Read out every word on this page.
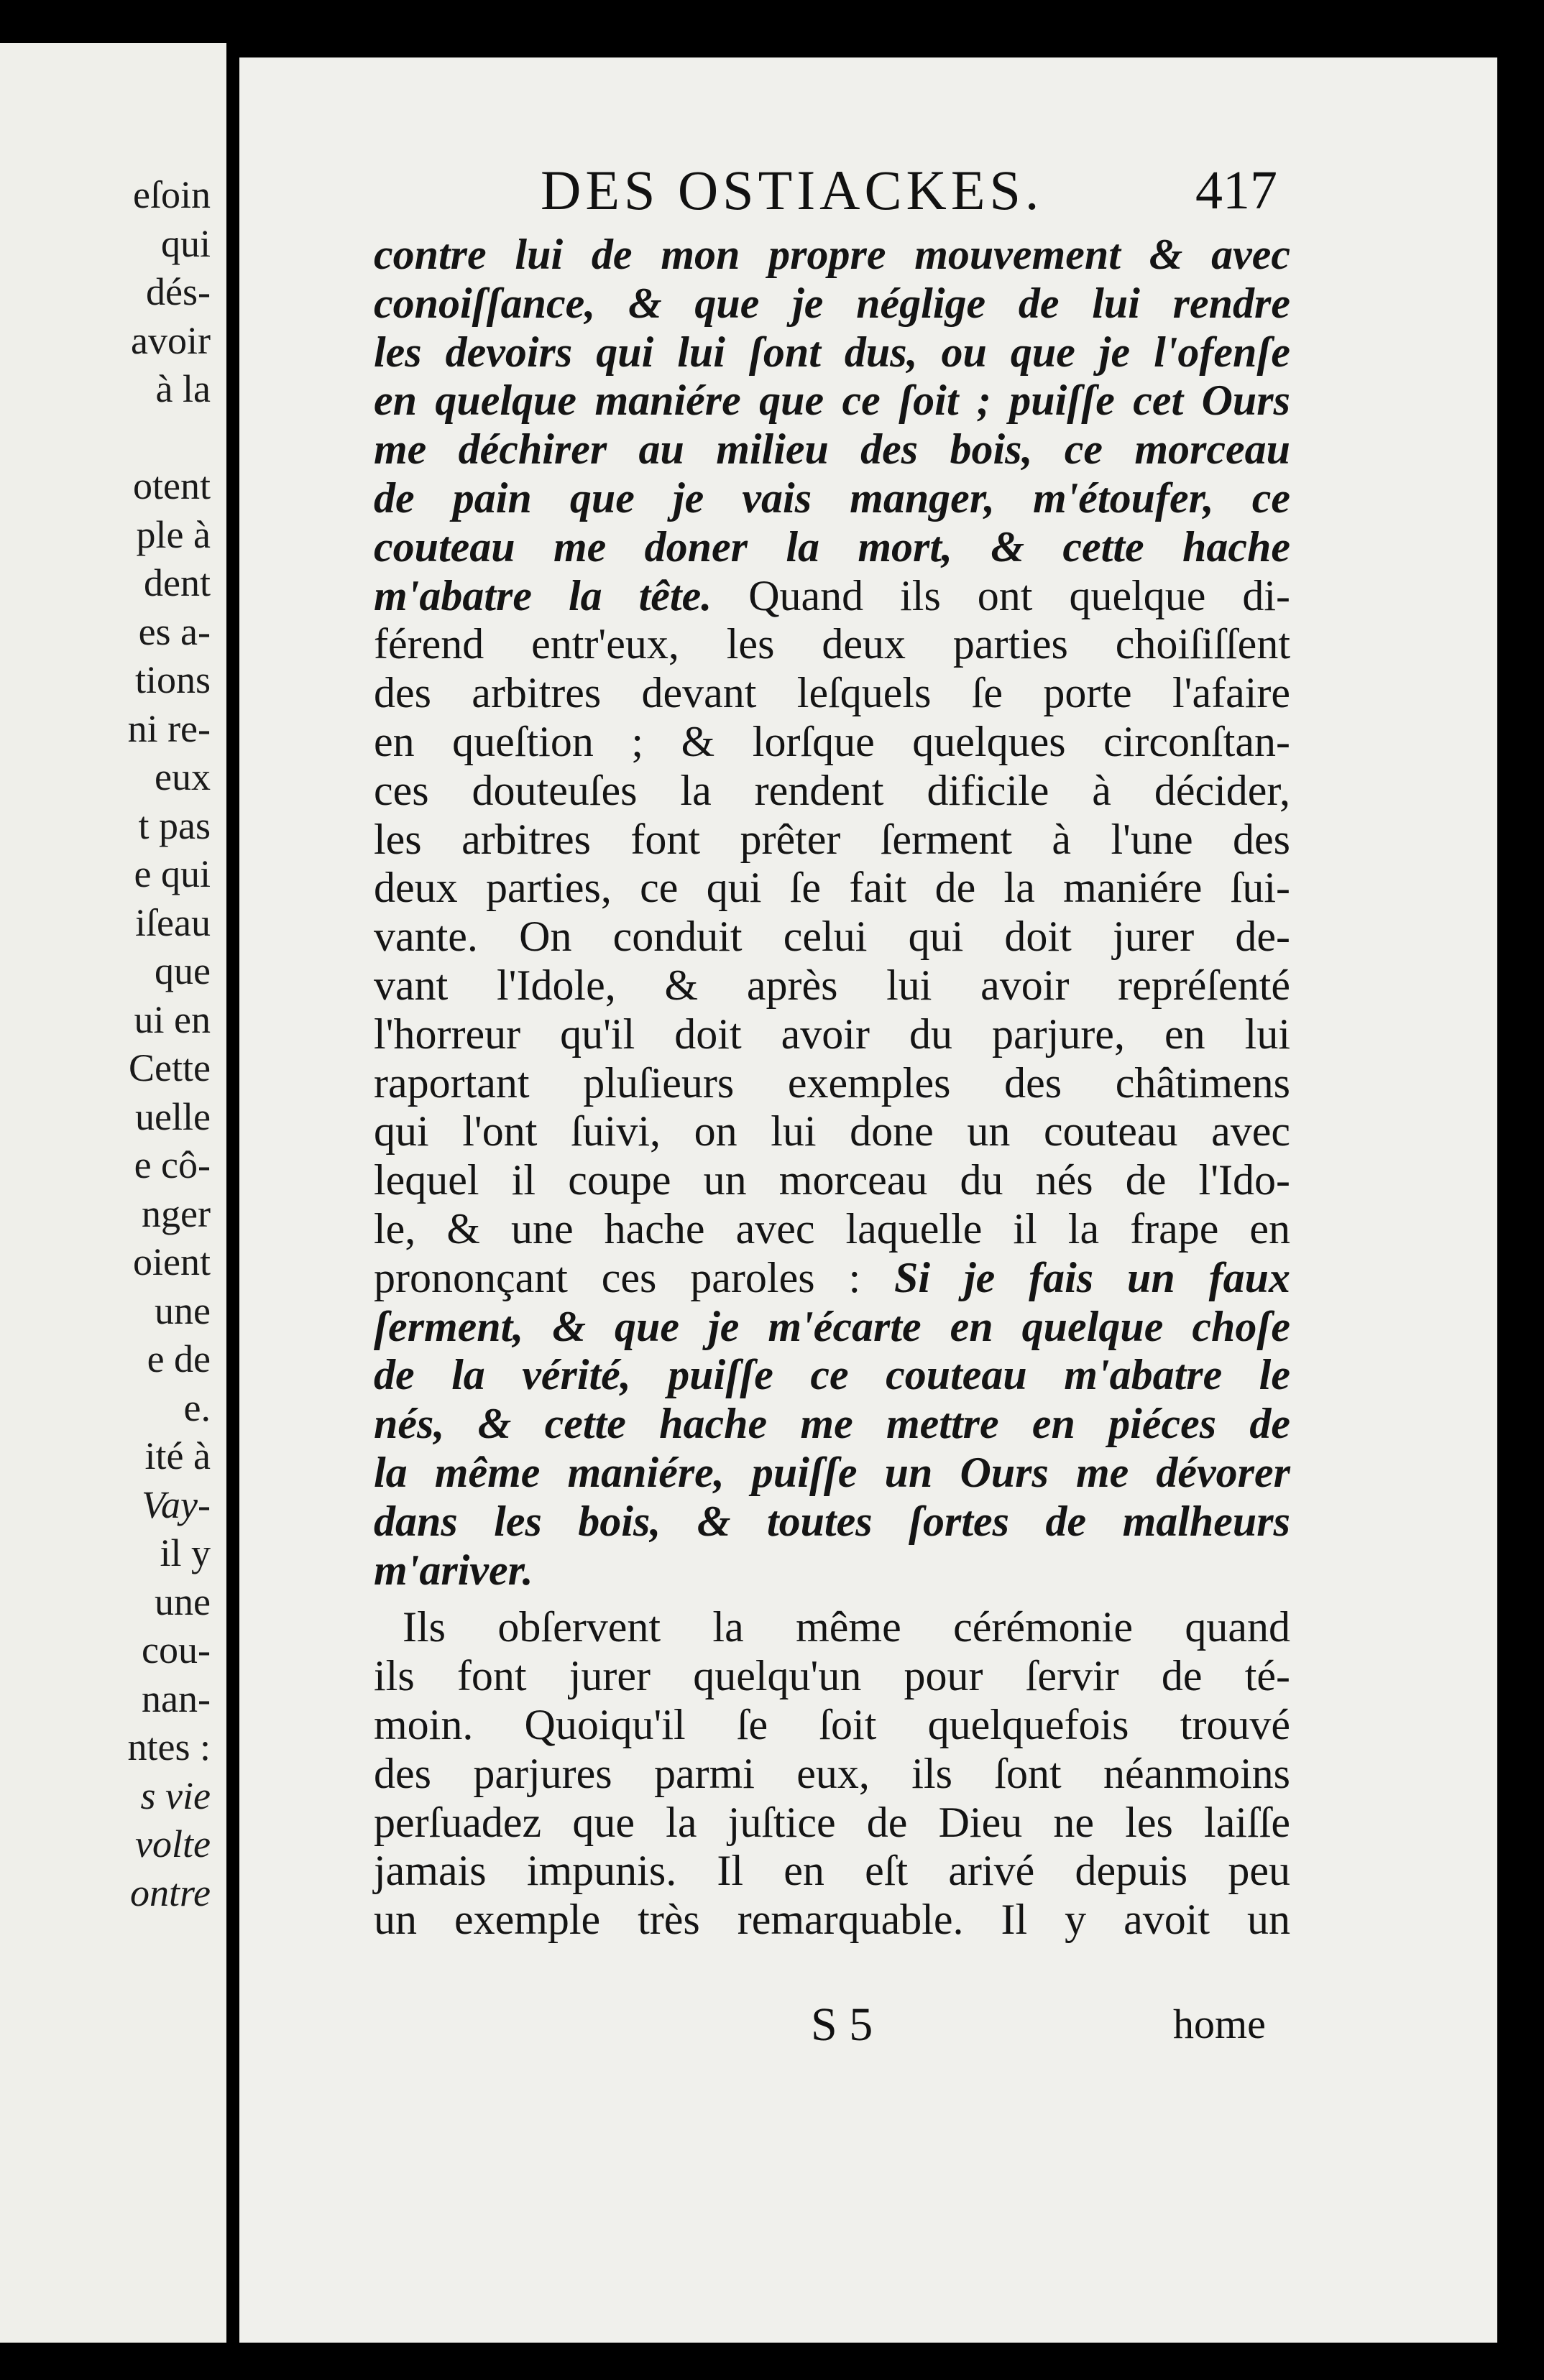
eſoin
qui
dés-
avoir
à la
otent
ple à
dent
es a-
tions
ni re-
eux
t pas
e qui
iſeau
que
ui en
Cette
uelle
e cô-
nger
oient
une
e de
e.
ité à
Vay-
il y
une
cou-
nan-
ntes :
s vie
volte
ontre
DES OSTIACKES.	417
contre lui de mon propre mouvement & avec
conoiſſance, & que je néglige de lui rendre
les devoirs qui lui ſont dus, ou que je l'ofenſe
en quelque maniére que ce ſoit ; puiſſe cet Ours
me déchirer au milieu des bois, ce morceau
de pain que je vais manger, m'étoufer, ce
couteau me doner la mort, & cette hache
m'abatre la tête. Quand ils ont quelque di-
férend entr'eux, les deux parties choiſiſſent
des arbitres devant leſquels ſe porte l'afaire
en queſtion ; & lorſque quelques circonſtan-
ces douteuſes la rendent dificile à décider,
les arbitres font prêter ſerment à l'une des
deux parties, ce qui ſe fait de la maniére ſui-
vante. On conduit celui qui doit jurer de-
vant l'Idole, & après lui avoir repréſenté
l'horreur qu'il doit avoir du parjure, en lui
raportant pluſieurs exemples des châtimens
qui l'ont ſuivi, on lui done un couteau avec
lequel il coupe un morceau du nés de l'Ido-
le, & une hache avec laquelle il la frape en
prononçant ces paroles : Si je fais un faux
ſerment, & que je m'écarte en quelque choſe
de la vérité, puiſſe ce couteau m'abatre le
nés, & cette hache me mettre en piéces de
la même maniére, puiſſe un Ours me dévorer
dans les bois, & toutes ſortes de malheurs
m'ariver.
Ils obſervent la même cérémonie quand
ils font jurer quelqu'un pour ſervir de té-
moin. Quoiqu'il ſe ſoit quelquefois trouvé
des parjures parmi eux, ils ſont néanmoins
perſuadez que la juſtice de Dieu ne les laiſſe
jamais impunis. Il en eſt arivé depuis peu
un exemple très remarquable. Il y avoit un
S 5	home
